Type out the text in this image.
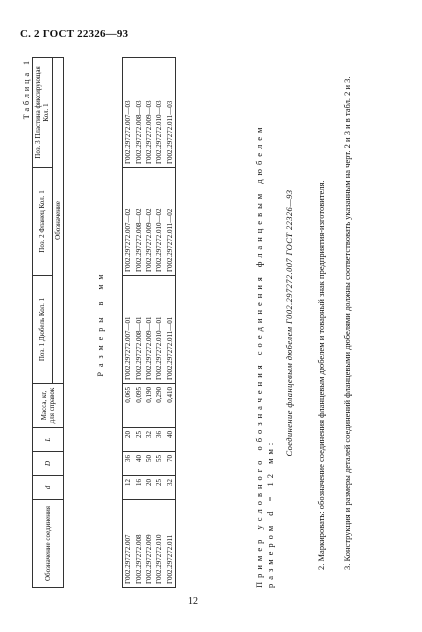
С. 2 ГОСТ 22326—93
Таблица 1
Обозначение соединения	d	D	L	Масса, кг, для справок	Поз. 1 Дюбель Кол. 1	Поз. 2 Фланец Кол. 1	Поз. 3 Пластина фиксирующая Кол. 1
					Обозначение		

Г002.297272.007	12	36	20	0,065	Г002.297272.007—01	Г002.297272.007—02	Г002.297272.007—03
Г002.297272.008	16	40	25	0,095	Г002.297272.008—01	Г002.297272.008—02	Г002.297272.008—03
Г002.297272.009	20	50	32	0,190	Г002.297272.009—01	Г002.297272.009—02	Г002.297272.009—03
Г002.297272.010	25	55	36	0,290	Г002.297272.010—01	Г002.297272.010—02	Г002.297272.010—03
Г002.297272.011	32	70	40	0,410	Г002.297272.011—01	Г002.297272.011—02	Г002.297272.011—03
Размеры в мм	Пример условного обозначения соединения фланцевым дюбелем размером d = 12 мм:
Соединение фланцевым дюбелем Г002.297272.007 ГОСТ 22326—93	2. Маркировать: обозначение соединения фланцевым дюбелем и товарный знак предприятия-изготовителя. 3. Конструкция и размеры деталей соединений фланцевыми дюбелями должны соответствовать указанным на черт. 2 и 3 и в табл. 2 и 3.
12
